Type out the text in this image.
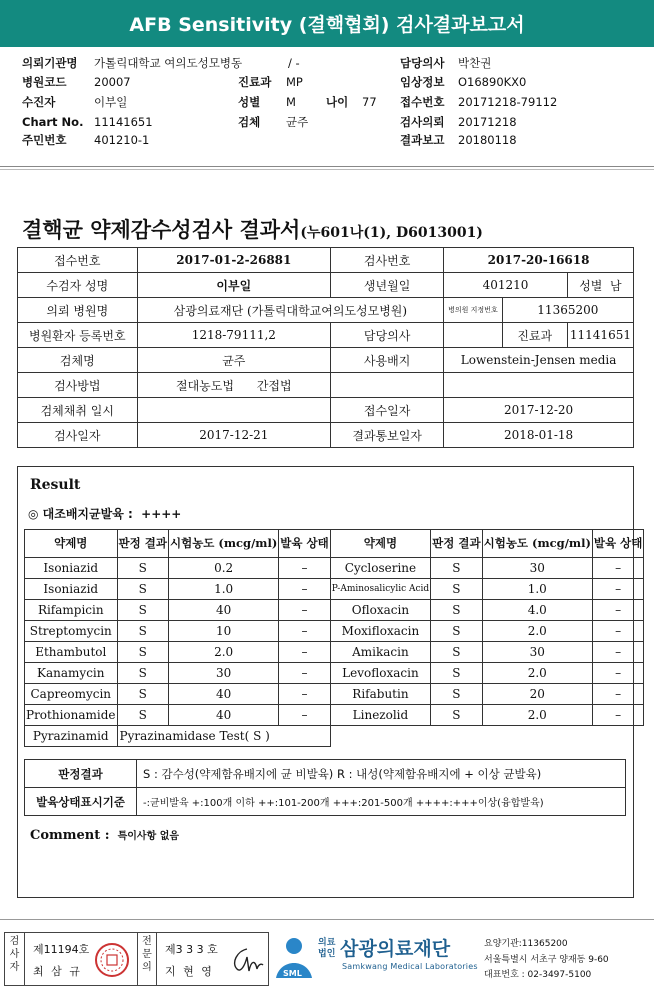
AFB Sensitivity (결핵협회) 검사결과보고서
의뢰기관명 가톨릭대학교 여의도성모병동	/ -	담당의사 박찬권
병원코드 20007	진료과 MP	임상정보 O16890KX0
수진자	이부일	성별 M	나이 77 접수번호 20171218-79112
Chart No. 11141651	검체 균주	검사의뢰 20171218
주민번호 401210-1	결과보고 20180118
결핵균 약제감수성검사 결과서(누601나(1), D6013001)
접수번호	2017-01-2-26881	검사번호	2017-20-16618		
수검자 성명	이부일	생년월일	401210		성별 남
의뢰 병원명	삼광의료재단 (가톨릭대학교여의도성모병원)		병의원 지정번호	11365200	
병원환자 등록번호	1218-79111,2	담당의사		진료과	11141651
검체명	균주	사용배지	Lowenstein-Jensen media		
검사방법	절대농도법 간접법				
검체채취 일시		접수일자	2017-12-20		
검사일자	2017-12-21	결과통보일자	2018-01-18		
Result
◎ 대조배지균발육 : ++++
약제명	판정 결과	시험농도 (mcg/ml)	발육 상태	약제명	판정 결과	시험농도 (mcg/ml)	발육 상태
Isoniazid	S	0.2	–	Cycloserine	S	30	–
Isoniazid	S	1.0	–	P-Aminosalicylic Acid	S	1.0	–
Rifampicin	S	40	–	Ofloxacin	S	4.0	–
Streptomycin	S	10	–	Moxifloxacin	S	2.0	–
Ethambutol	S	2.0	–	Amikacin	S	30	–
Kanamycin	S	30	–	Levofloxacin	S	2.0	–
Capreomycin	S	40	–	Rifabutin	S	20	–
Prothionamide	S	40	–	Linezolid	S	2.0	–
Pyrazinamid	Pyrazinamidase Test( S )						
판정결과	S : 감수성(약제함유배지에 균 비발육) R : 내성(약제함유배지에 + 이상 균발육)
발육상태표시기준	-:균비발육 +:100개 이하 ++:101-200개 +++:201-500개 ++++:+++이상(융합발육)
Comment : 특이사항 없음
검사자
제11194호
최 삼 규
전문의
제3 3 3 호
지 현 영	SML
의료 법인 삼광의료재단
Samkwang Medical Laboratories
요양기관:11365200
서울특별시 서초구 양재동 9-60
대표번호 : 02-3497-5100
